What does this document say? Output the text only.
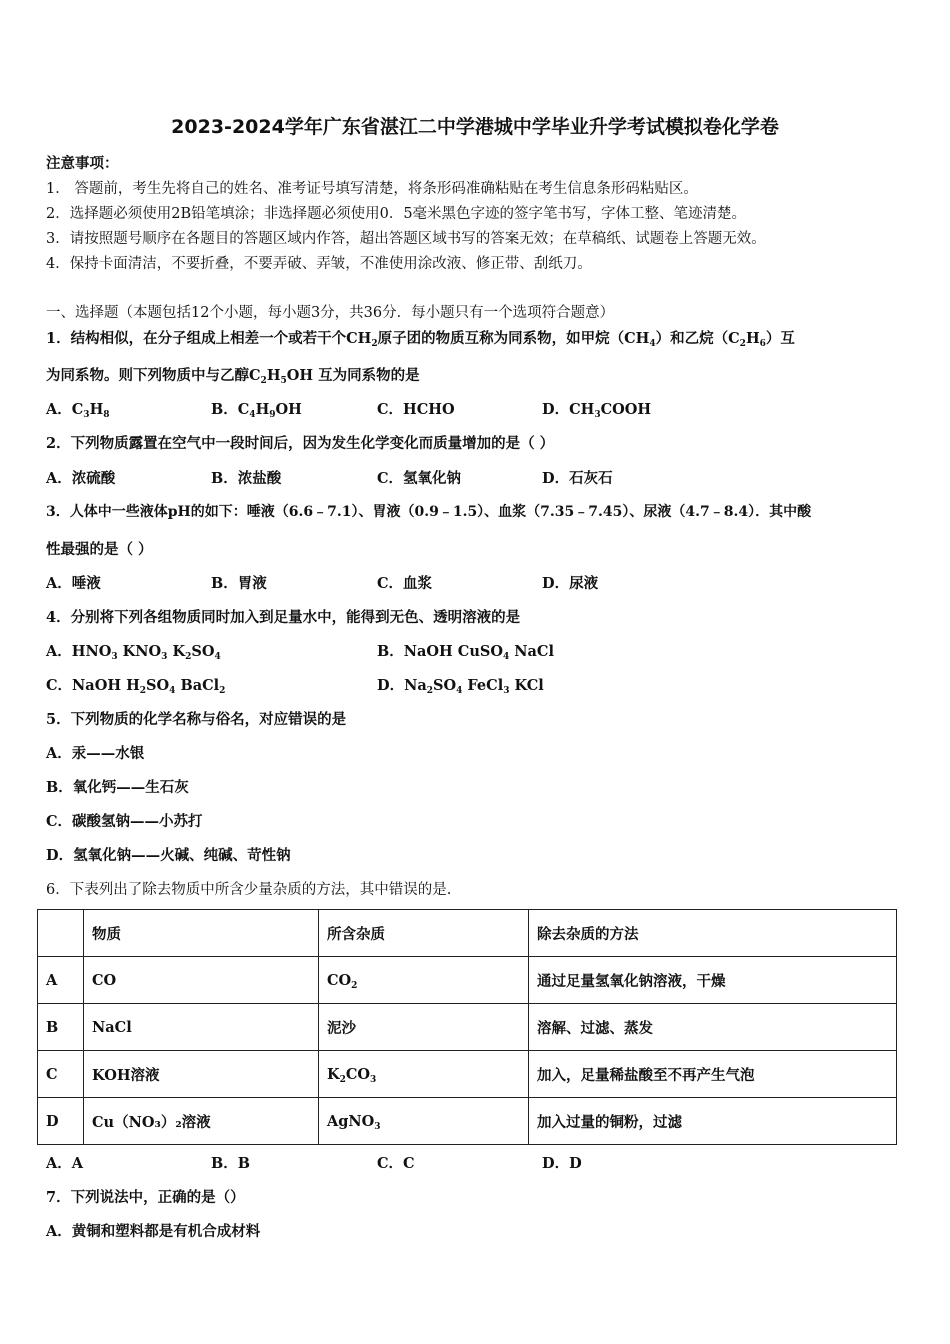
2023-2024学年广东省湛江二中学港城中学毕业升学考试模拟卷化学卷
注意事项：
1． 答题前，考生先将自己的姓名、准考证号填写清楚，将条形码准确粘贴在考生信息条形码粘贴区。
2．选择题必须使用2B铅笔填涂；非选择题必须使用0．5毫米黑色字迹的签字笔书写，字体工整、笔迹清楚。
3．请按照题号顺序在各题目的答题区域内作答，超出答题区域书写的答案无效；在草稿纸、试题卷上答题无效。
4．保持卡面清洁，不要折叠，不要弄破、弄皱，不准使用涂改液、修正带、刮纸刀。
一、选择题（本题包括12个小题，每小题3分，共36分．每小题只有一个选项符合题意）
1．结构相似，在分子组成上相差一个或若干个$CH_2$原子团的物质互称为同系物，如甲烷$(CH_4)$和乙烷$(C_2H_6)$互
为同系物。则下列物质中与乙醇$C_2H_5OH$ 互为同系物的是
A．$C_3H_8$	B．$C_4H_9OH$	C．HCHO	D．$CH_3COOH$
2．下列物质露置在空气中一段时间后，因为发生化学变化而质量增加的是（ ）
A．浓硫酸	B．浓盐酸	C．氢氧化钠	D．石灰石
3．人体中一些液体pH的如下：唾液（6.6﹣7.1）、胃液（0.9﹣1.5）、血浆（7.35﹣7.45）、尿液（4.7﹣8.4）．其中酸
性最强的是（ ）
A．唾液	B．胃液	C．血浆	D．尿液
4．分别将下列各组物质同时加入到足量水中，能得到无色、透明溶液的是
A．$HNO_3$ $KNO_3$ $K_2SO_4$	B．NaOH CuSO$_4$ NaCl
C．NaOH $H_2SO_4$ BaCl$_2$	D．$Na_2SO_4$ FeCl$_3$ KCl
5．下列物质的化学名称与俗名，对应错误的是
A．汞——水银
B．氧化钙——生石灰
C．碳酸氢钠——小苏打
D．氢氧化钠——火碱、纯碱、苛性钠
6．下表列出了除去物质中所含少量杂质的方法，其中错误的是.
	物质	所含杂质	除去杂质的方法
A	CO	$CO_2$	通过足量氢氧化钠溶液，干燥
B	NaCl	泥沙	溶解、过滤、蒸发
C	KOH溶液	$K_2CO_3$	加入，足量稀盐酸至不再产生气泡
D	Cu（NO₃）₂溶液	AgNO$_3$	加入过量的铜粉，过滤
A．A	B．B	C．C	D．D
7．下列说法中，正确的是（）
A．黄铜和塑料都是有机合成材料
